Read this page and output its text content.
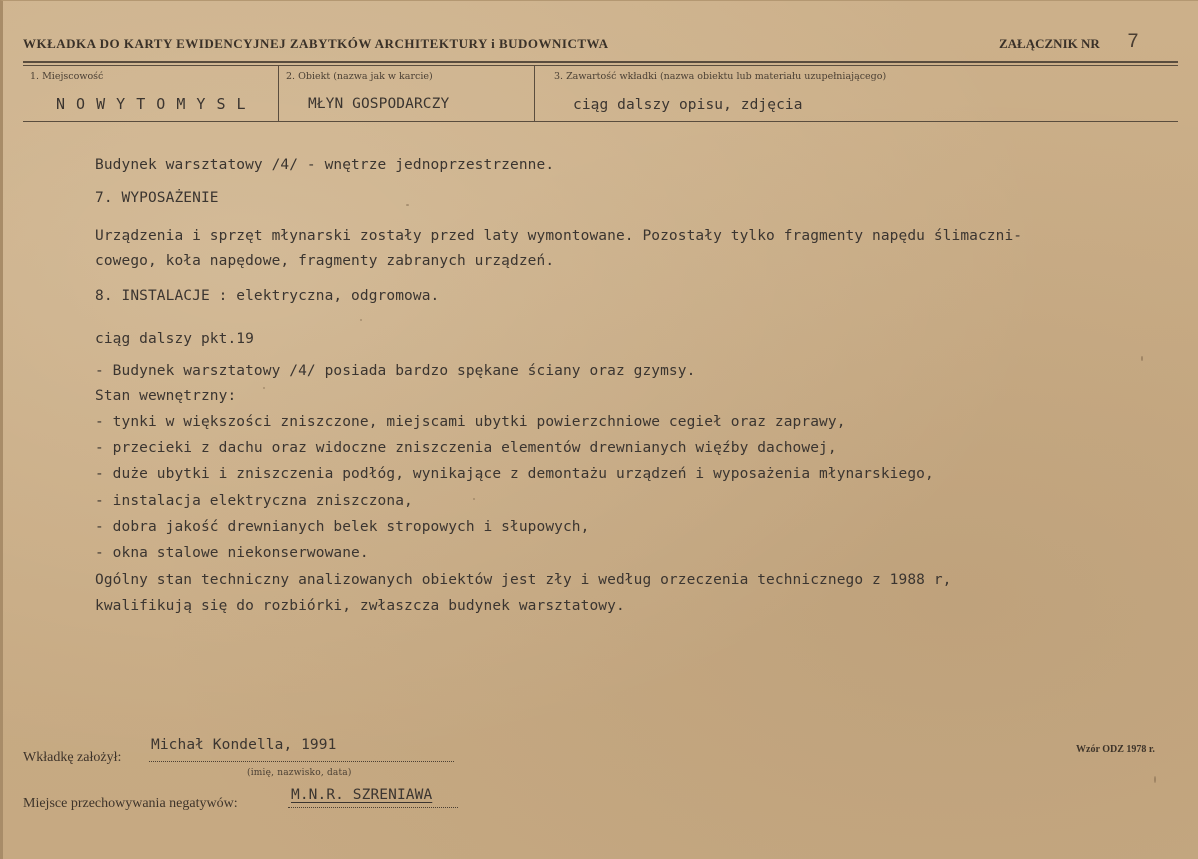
WKŁADKA DO KARTY EWIDENCYJNEJ ZABYTKÓW ARCHITEKTURY i BUDOWNICTWA	ZAŁĄCZNIK NR 7
1. Miejscowość
N O W Y T O M Y S L
2. Obiekt (nazwa jak w karcie)
MŁYN GOSPODARCZY
3. Zawartość wkładki (nazwa obiektu lub materiału uzupełniającego)
ciąg dalszy opisu, zdjęcia
Budynek warsztatowy /4/ - wnętrze jednoprzestrzenne.
7. WYPOSAŻENIE
Urządzenia i sprzęt młynarski zostały przed laty wymontowane. Pozostały tylko fragmenty napędu ślimaczni-
cowego, koła napędowe, fragmenty zabranych urządzeń.
8. INSTALACJE : elektryczna, odgromowa.
ciąg dalszy pkt.19
- Budynek warsztatowy /4/ posiada bardzo spękane ściany oraz gzymsy.
Stan wewnętrzny:
- tynki w większości zniszczone, miejscami ubytki powierzchniowe cegieł oraz zaprawy,
- przecieki z dachu oraz widoczne zniszczenia elementów drewnianych więźby dachowej,
- duże ubytki i zniszczenia podłóg, wynikające z demontażu urządzeń i wyposażenia młynarskiego,
- instalacja elektryczna zniszczona,
- dobra jakość drewnianych belek stropowych i słupowych,
- okna stalowe niekonserwowane.
Ogólny stan techniczny analizowanych obiektów jest zły i według orzeczenia technicznego z 1988 r,
kwalifikują się do rozbiórki, zwłaszcza budynek warsztatowy.
Wkładkę założył:
Michał Kondella, 1991
(imię, nazwisko, data)
Miejsce przechowywania negatywów:
M.N.R. SZRENIAWA
Wzór ODZ 1978 r.
